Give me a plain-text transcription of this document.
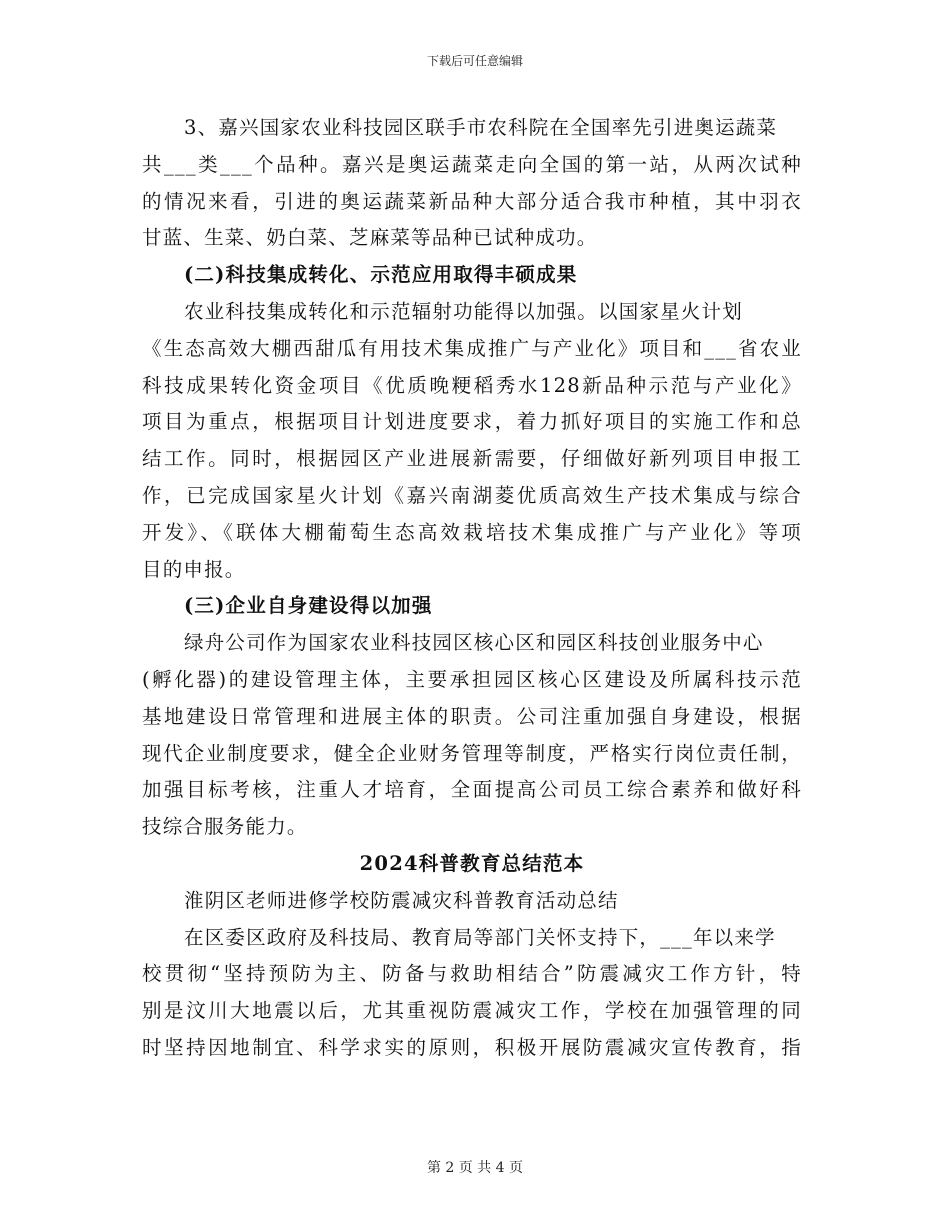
下载后可任意编辑
3、嘉兴国家农业科技园区联手市农科院在全国率先引进奥运蔬菜
共___类___个品种。嘉兴是奥运蔬菜走向全国的第一站，从两次试种
的情况来看，引进的奥运蔬菜新品种大部分适合我市种植，其中羽衣
甘蓝、生菜、奶白菜、芝麻菜等品种已试种成功。
(二)科技集成转化、示范应用取得丰硕成果
农业科技集成转化和示范辐射功能得以加强。以国家星火计划
《生态高效大棚西甜瓜有用技术集成推广与产业化》项目和___省农业
科技成果转化资金项目《优质晚粳稻秀水128新品种示范与产业化》
项目为重点，根据项目计划进度要求，着力抓好项目的实施工作和总
结工作。同时，根据园区产业进展新需要，仔细做好新列项目申报工
作，已完成国家星火计划《嘉兴南湖菱优质高效生产技术集成与综合
开发》、《联体大棚葡萄生态高效栽培技术集成推广与产业化》等项
目的申报。
(三)企业自身建设得以加强
绿舟公司作为国家农业科技园区核心区和园区科技创业服务中心
(孵化器)的建设管理主体，主要承担园区核心区建设及所属科技示范
基地建设日常管理和进展主体的职责。公司注重加强自身建设，根据
现代企业制度要求，健全企业财务管理等制度，严格实行岗位责任制，
加强目标考核，注重人才培育，全面提高公司员工综合素养和做好科
技综合服务能力。
2024科普教育总结范本
淮阴区老师进修学校防震减灾科普教育活动总结
在区委区政府及科技局、教育局等部门关怀支持下，___年以来学
校贯彻“坚持预防为主、防备与救助相结合”防震减灾工作方针，特
别是汶川大地震以后，尤其重视防震减灾工作，学校在加强管理的同
时坚持因地制宜、科学求实的原则，积极开展防震减灾宣传教育，指
第 2 页 共 4 页
